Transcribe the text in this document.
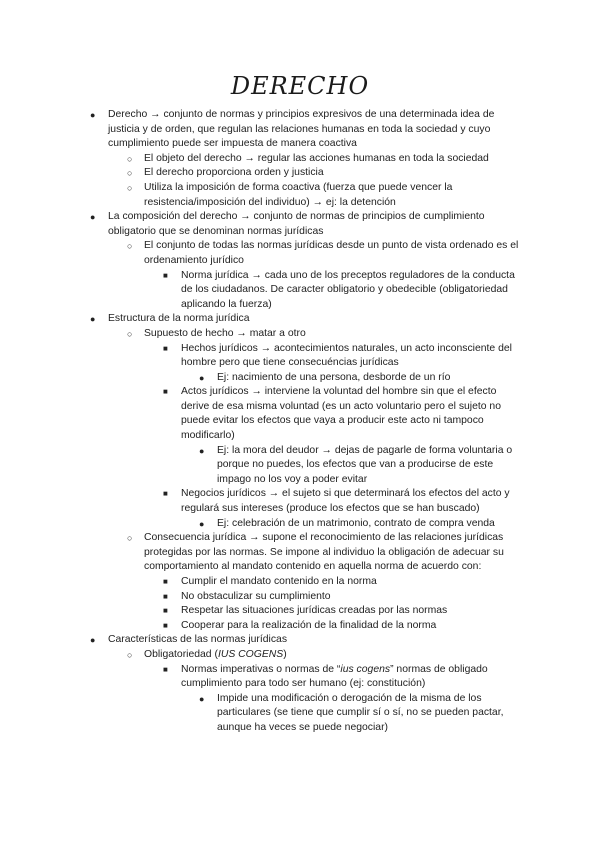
DERECHO
● Derecho → conjunto de normas y principios expresivos de una determinada idea de justicia y de orden, que regulan las relaciones humanas en toda la sociedad y cuyo cumplimiento puede ser impuesta de manera coactiva
○ El objeto del derecho → regular las acciones humanas en toda la sociedad
○ El derecho proporciona orden y justicia
○ Utiliza la imposición de forma coactiva (fuerza que puede vencer la resistencia/imposición del individuo) → ej: la detención
● La composición del derecho → conjunto de normas de principios de cumplimiento obligatorio que se denominan normas jurídicas
○ El conjunto de todas las normas jurídicas desde un punto de vista ordenado es el ordenamiento jurídico
■ Norma jurídica → cada uno de los preceptos reguladores de la conducta de los ciudadanos. De caracter obligatorio y obedecible (obligatoriedad aplicando la fuerza)
● Estructura de la norma jurídica
○ Supuesto de hecho → matar a otro
■ Hechos jurídicos → acontecimientos naturales, un acto inconsciente del hombre pero que tiene consecuéncias jurídicas
● Ej: nacimiento de una persona, desborde de un río
■ Actos jurídicos → interviene la voluntad del hombre sin que el efecto derive de esa misma voluntad (es un acto voluntario pero el sujeto no puede evitar los efectos que vaya a producir este acto ni tampoco modificarlo)
● Ej: la mora del deudor → dejas de pagarle de forma voluntaria o porque no puedes, los efectos que van a producirse de este impago no los voy a poder evitar
■ Negocios jurídicos → el sujeto si que determinará los efectos del acto y regulará sus intereses (produce los efectos que se han buscado)
● Ej: celebración de un matrimonio, contrato de compra venda
○ Consecuencia jurídica → supone el reconocimiento de las relaciones jurídicas protegidas por las normas. Se impone al individuo la obligación de adecuar su comportamiento al mandato contenido en aquella norma de acuerdo con:
■ Cumplir el mandato contenido en la norma
■ No obstaculizar su cumplimiento
■ Respetar las situaciones jurídicas creadas por las normas
■ Cooperar para la realización de la finalidad de la norma
● Características de las normas jurídicas
○ Obligatoriedad (IUS COGENS)
■ Normas imperativas o normas de “ius cogens” normas de obligado cumplimiento para todo ser humano (ej: constitución)
● Impide una modificación o derogación de la misma de los particulares (se tiene que cumplir sí o sí, no se pueden pactar, aunque ha veces se puede negociar)
